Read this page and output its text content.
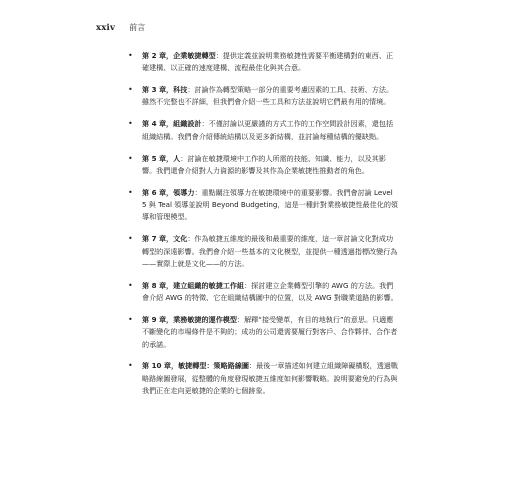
xxiv 前言
• 第 2 章，企業敏捷轉型：提供定義並說明業務敏捷性需要平衡建構對的東西、正確建構、以正確的速度建構、流程最佳化與其合意。
• 第 3 章，科技：討論作為轉型策略一部分的重要考慮因素的工具、技術、方法。雖然不完整也不詳細，但我們會介紹一些工具和方法並說明它們最有用的情境。
• 第 4 章，組織設計：不僅討論以更嚴謹的方式工作的工作空間設計因素，還包括組織結構。我們會介紹傳統結構以及更多新結構，並討論每種結構的優缺點。
• 第 5 章，人：討論在敏捷環境中工作的人所需的技能、知識、能力，以及其影響。我們還會介紹對人力資源的影響及其作為企業敏捷性推動者的角色。
• 第 6 章，領導力：重點關注領導力在敏捷環境中的重要影響。我們會討論 Level 5 與 Teal 領導並說明 Beyond Budgeting，這是一種針對業務敏捷性最佳化的領導和管理模型。
• 第 7 章，文化：作為敏捷五維度的最後和最重要的維度，這一章討論文化對成功轉型的深遠影響。我們會介紹一些基本的文化模型，並提供一種透過指標改變行為——實際上就是文化——的方法。
• 第 8 章，建立組織的敏捷工作組：探討建立企業轉型引擎的 AWG 的方法。我們會介紹 AWG 的特徵、它在組織結構圖中的位置，以及 AWG 對職業道路的影響。
• 第 9 章，業務敏捷的運作模型：解釋“接受變革，有目的地執行”的意思。只適應不斷變化的市場條件是不夠的；成功的公司還需要履行對客戶、合作夥伴、合作者的承諾。
• 第 10 章，敏捷轉型：策略路線圖：最後一章描述如何建立組織障礙橫駁，透過戰略路線圖發展，從整體的角度發現敏捷五維度如何影響戰略。說明要避免的行為與我們正在走向更敏捷的企業的七個跡象。
